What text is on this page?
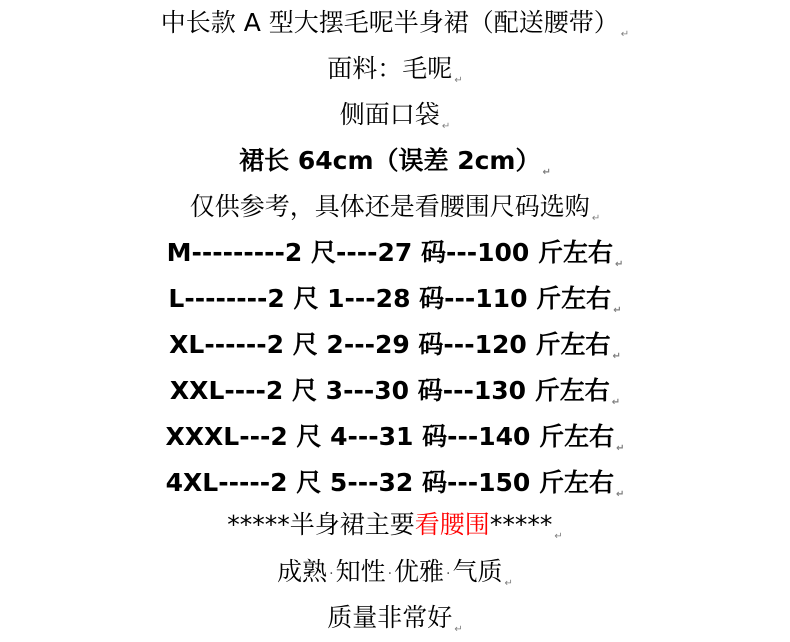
中长款 A 型大摆毛呢半身裙（配送腰带） ↵
面料：毛呢 ↵
侧面口袋 ↵
裙长 64cm（误差 2cm） ↵
仅供参考，具体还是看腰围尺码选购 ↵
M---------2 尺----27 码---100 斤左右 ↵
L--------2 尺 1---28 码---110 斤左右 ↵
XL------2 尺 2---29 码---120 斤左右 ↵
XXL----2 尺 3---30 码---130 斤左右 ↵
XXXL---2 尺 4---31 码---140 斤左右 ↵
4XL-----2 尺 5---32 码---150 斤左右 ↵
*****半身裙主要看腰围***** ↵
成熟 ·知性 ·优雅 ·气质 ↵
质量非常好 ↵
